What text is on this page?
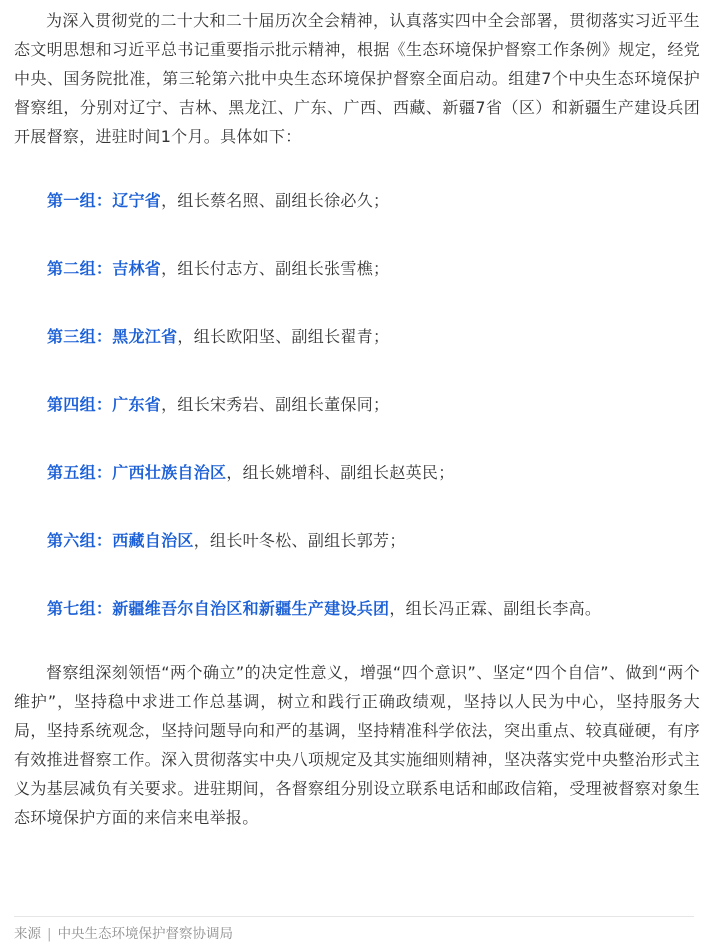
为深入贯彻党的二十大和二十届历次全会精神，认真落实四中全会部署，贯彻落实习近平生态文明思想和习近平总书记重要指示批示精神，根据《生态环境保护督察工作条例》规定，经党中央、国务院批准，第三轮第六批中央生态环境保护督察全面启动。组建7个中央生态环境保护督察组，分别对辽宁、吉林、黑龙江、广东、广西、西藏、新疆7省（区）和新疆生产建设兵团开展督察，进驻时间1个月。具体如下：

第一组：辽宁省，组长蔡名照、副组长徐必久；
第二组：吉林省，组长付志方、副组长张雪樵；
第三组：黑龙江省，组长欧阳坚、副组长翟青；
第四组：广东省，组长宋秀岩、副组长董保同；
第五组：广西壮族自治区，组长姚增科、副组长赵英民；
第六组：西藏自治区，组长叶冬松、副组长郭芳；
第七组：新疆维吾尔自治区和新疆生产建设兵团，组长冯正霖、副组长李高。

督察组深刻领悟“两个确立”的决定性意义，增强“四个意识”、坚定“四个自信”、做到“两个维护”，坚持稳中求进工作总基调，树立和践行正确政绩观，坚持以人民为中心，坚持服务大局，坚持系统观念，坚持问题导向和严的基调，坚持精准科学依法，突出重点、较真碰硬，有序有效推进督察工作。深入贯彻落实中央八项规定及其实施细则精神，坚决落实党中央整治形式主义为基层减负有关要求。进驻期间，各督察组分别设立联系电话和邮政信箱，受理被督察对象生态环境保护方面的来信来电举报。

来源 | 中央生态环境保护督察协调局
